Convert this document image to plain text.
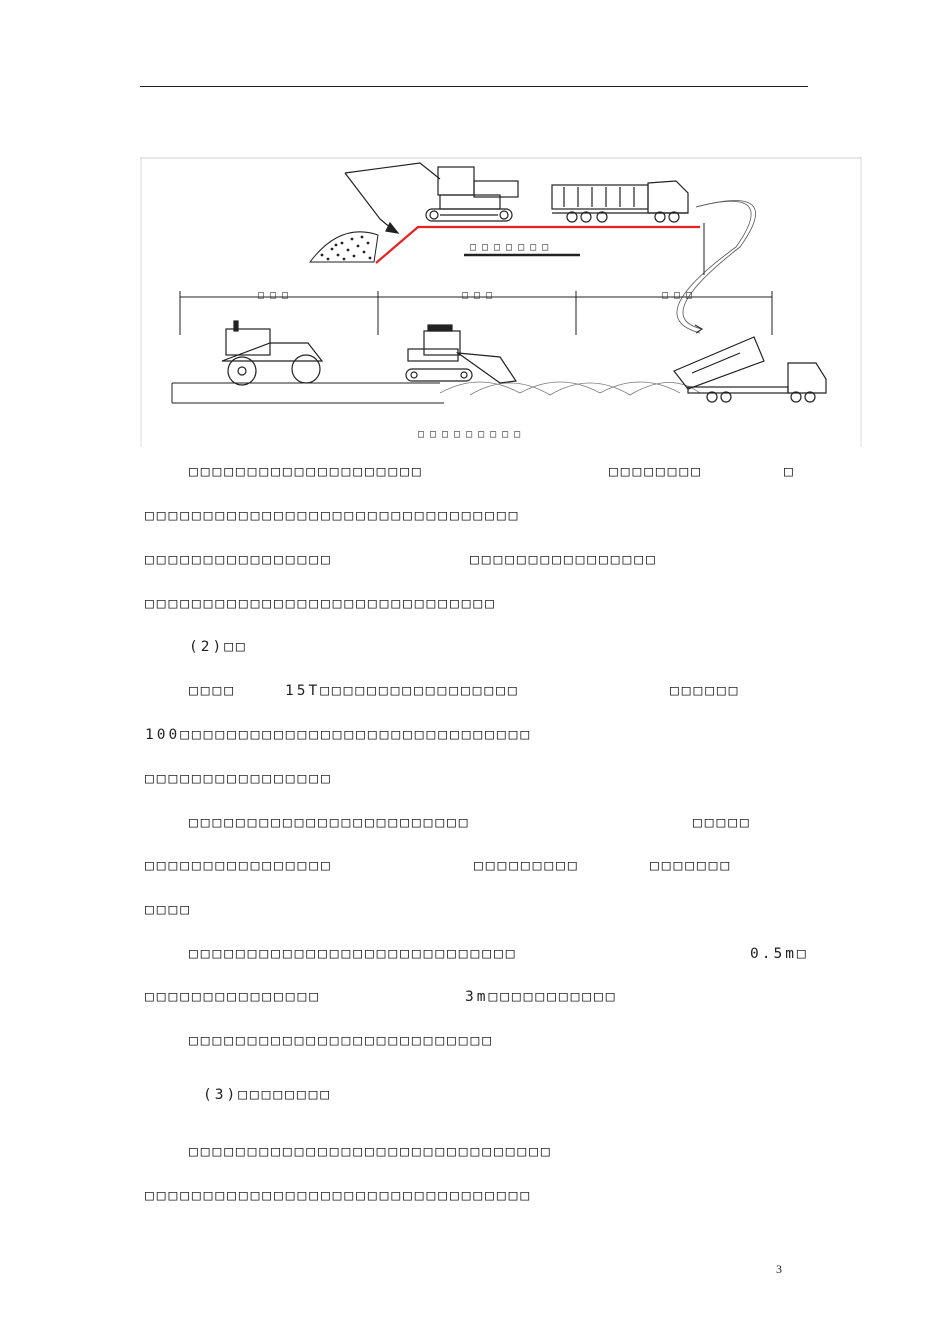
□□□□□□□
□□□	□□□	□□□
□□□□□□□□□
□□□□□□□□□□□□□□□□□□□□	□□□□□□□□	□
□□□□□□□□□□□□□□□□□□□□□□□□□□□□□□□□
□□□□□□□□□□□□□□□□	□□□□□□□□□□□□□□□□
□□□□□□□□□□□□□□□□□□□□□□□□□□□□□□
(2)□□
□□□□	15T□□□□□□□□□□□□□□□□□	□□□□□□
100□□□□□□□□□□□□□□□□□□□□□□□□□□□□□□
□□□□□□□□□□□□□□□□
□□□□□□□□□□□□□□□□□□□□□□□□	□□□□□
□□□□□□□□□□□□□□□□	□□□□□□□□□	□□□□□□□
□□□□
□□□□□□□□□□□□□□□□□□□□□□□□□□□□	0.5m□
□□□□□□□□□□□□□□□	3m□□□□□□□□□□□
□□□□□□□□□□□□□□□□□□□□□□□□□□
(3)□□□□□□□□
□□□□□□□□□□□□□□□□□□□□□□□□□□□□□□□
□□□□□□□□□□□□□□□□□□□□□□□□□□□□□□□□□
3
